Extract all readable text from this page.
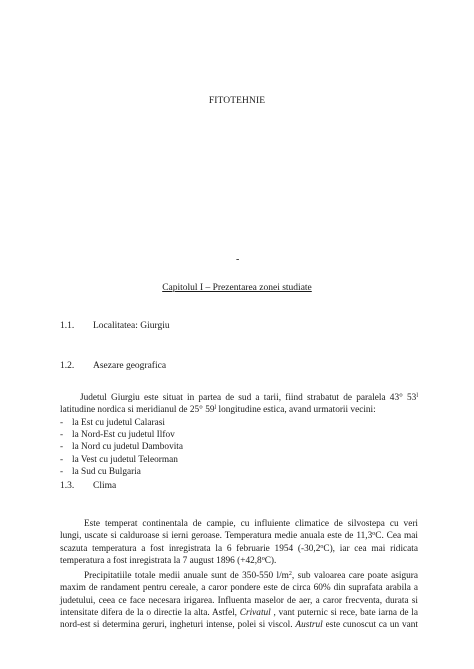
FITOTEHNIE
-
Capitolul I – Prezentarea zonei studiate
1.1. Localitatea: Giurgiu
1.2. Asezare geografica
Judetul Giurgiu este situat in partea de sud a tarii, fiind strabatut de paralela 43° 53$^l$
latitudine nordica si meridianul de 25° 59$^l$ longitudine estica, avand urmatorii vecini:
- la Est cu judetul Calarasi
- la Nord-Est cu judetul Ilfov
- la Nord cu judetul Dambovita
- la Vest cu judetul Teleorman
- la Sud cu Bulgaria
1.3. Clima
Este temperat continentala de campie, cu influiente climatice de silvostepa cu veri
lungi, uscate si calduroase si ierni geroase. Temperatura medie anuala este de 11,3$^o$C. Cea mai
scazuta temperatura a fost inregistrata la 6 februarie 1954 (-30,2$^o$C), iar cea mai ridicata
temperatura a fost inregistrata la 7 august 1896 $(+42,8^oC)$.
Precipitatiile totale medii anuale sunt de 350-550 $l/m^2$, sub valoarea care poate asigura
maxim de randament pentru cereale, a caror pondere este de circa 60% din suprafata arabila a
judetului, ceea ce face necesara irigarea. Influenta maselor de aer, a caror frecventa, durata si
intensitate difera de la o directie la alta. Astfel, Crivatul , vant puternic si rece, bate iarna de la
nord-est si determina geruri, ingheturi intense, polei si viscol. Austrul este cunoscut ca un vant
